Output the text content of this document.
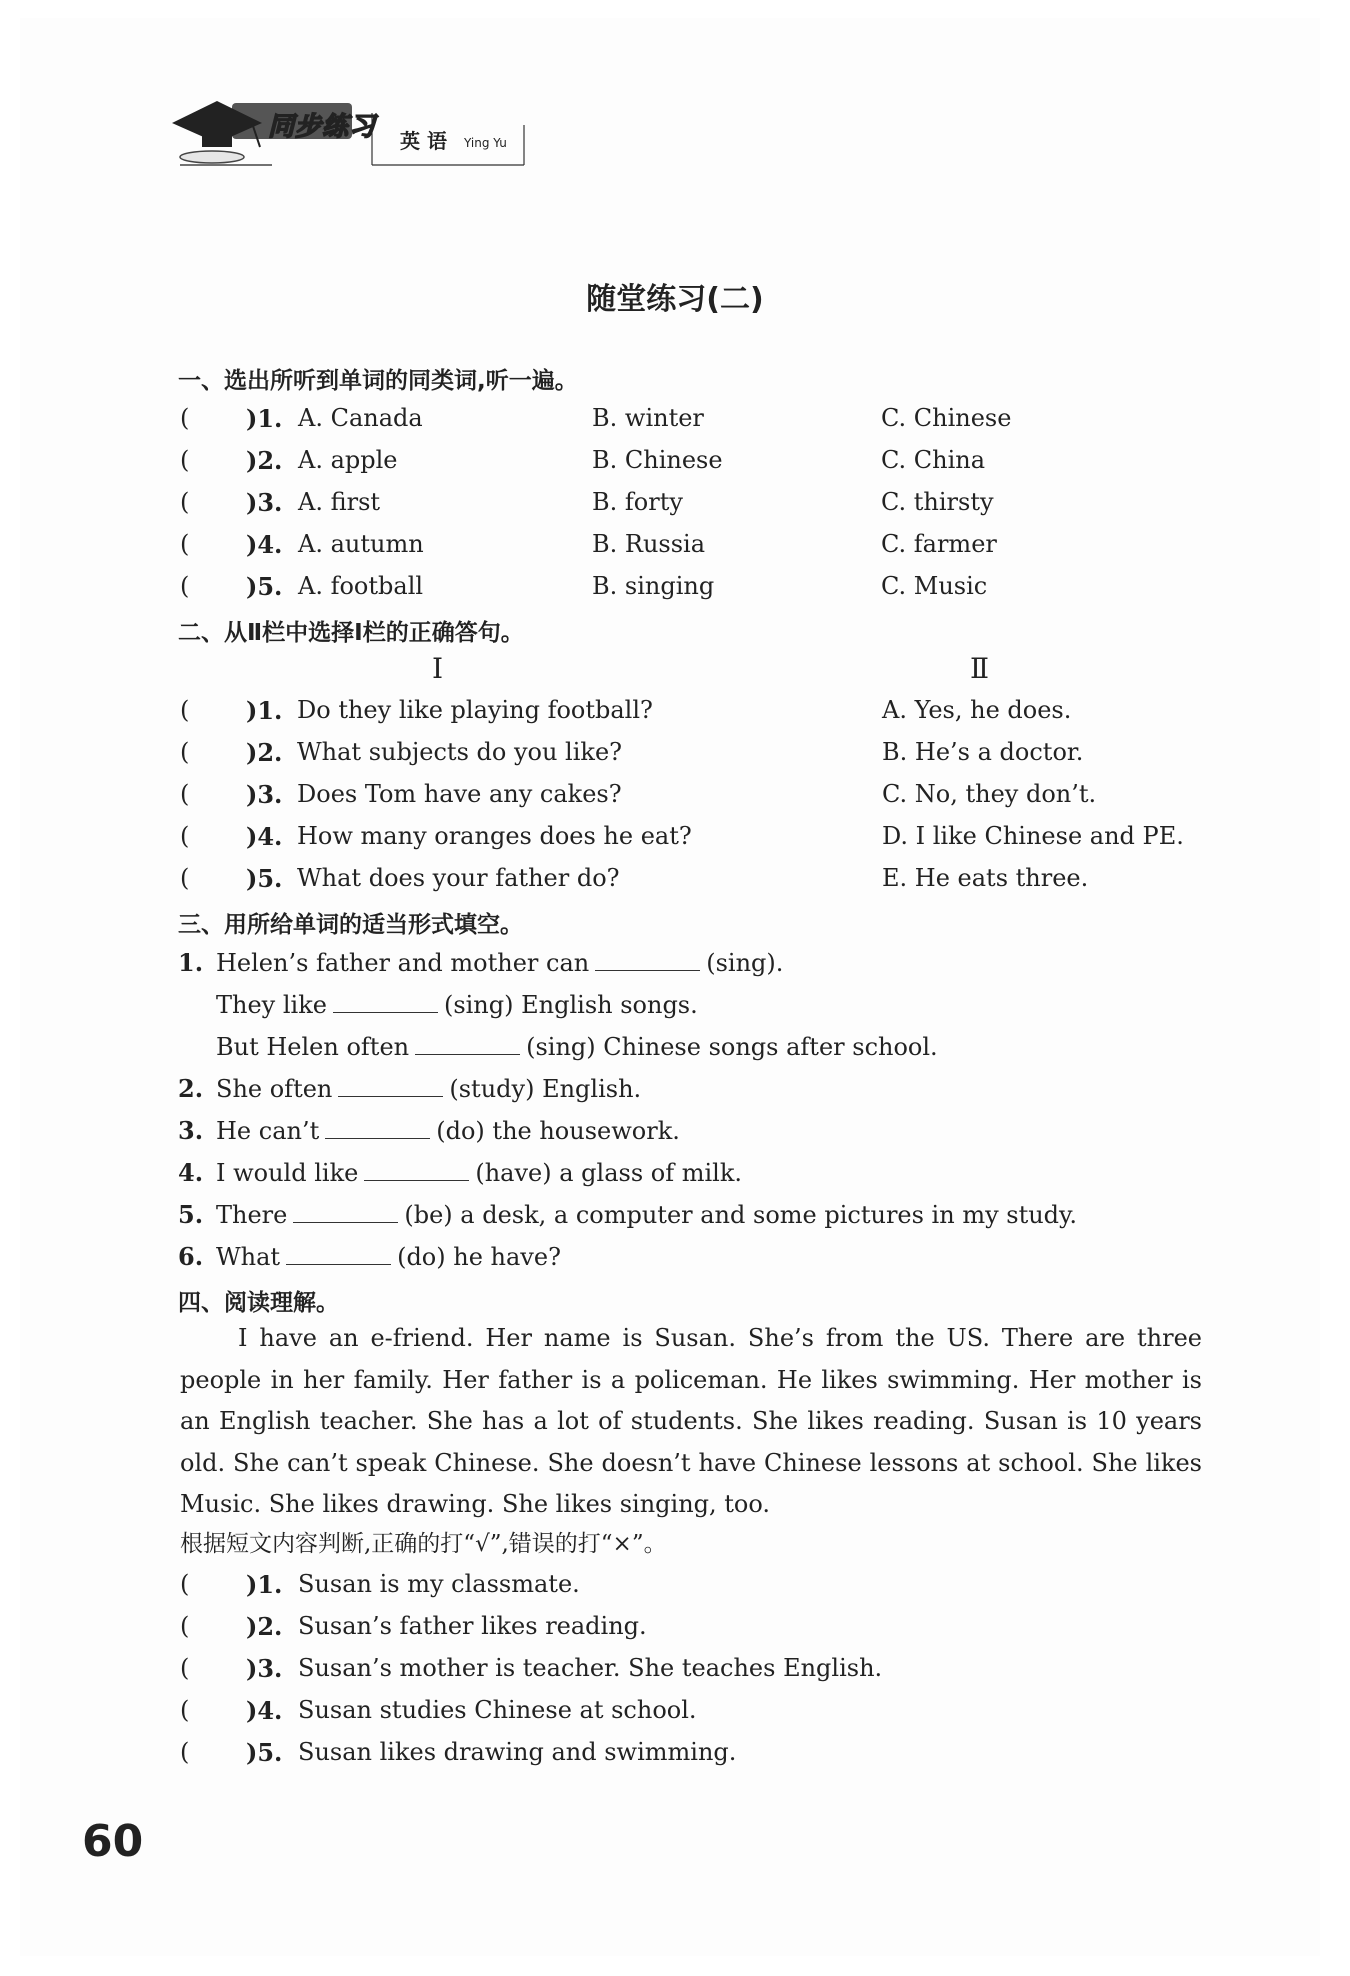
同步练习 英 语 Ying Yu
随堂练习(二)
一、选出所听到单词的同类词,听一遍。
( )1. A. Canada	B. winter	C. Chinese
( )2. A. apple	B. Chinese	C. China
( )3. A. first	B. forty	C. thirsty
( )4. A. autumn	B. Russia	C. farmer
( )5. A. football	B. singing	C. Music
二、从Ⅱ栏中选择Ⅰ栏的正确答句。
Ⅰ	Ⅱ
( )1. Do they like playing football?	A. Yes, he does.
( )2. What subjects do you like?	B. He’s a doctor.
( )3. Does Tom have any cakes?	C. No, they don’t.
( )4. How many oranges does he eat?	D. I like Chinese and PE.
( )5. What does your father do?	E. He eats three.
三、用所给单词的适当形式填空。
1. Helen’s father and mother can	(sing).
They like	(sing) English songs.
But Helen often	(sing) Chinese songs after school.
2. She often	(study) English.
3. He can’t	(do) the housework.
4. I would like	(have) a glass of milk.
5. There	(be) a desk, a computer and some pictures in my study.
6. What	(do) he have?
四、阅读理解。

I have an e-friend. Her name is Susan. She’s from the US. There are three people in her family. Her father is a policeman. He likes swimming. Her mother is an English teacher. She has a lot of students. She likes reading. Susan is 10 years old. She can’t speak Chinese. She doesn’t have Chinese lessons at school. She likes Music. She likes drawing. She likes singing, too.

根据短文内容判断,正确的打“√”,错误的打“×”。
( )1. Susan is my classmate.
( )2. Susan’s father likes reading.
( )3. Susan’s mother is teacher. She teaches English.
( )4. Susan studies Chinese at school.
( )5. Susan likes drawing and swimming.
60
